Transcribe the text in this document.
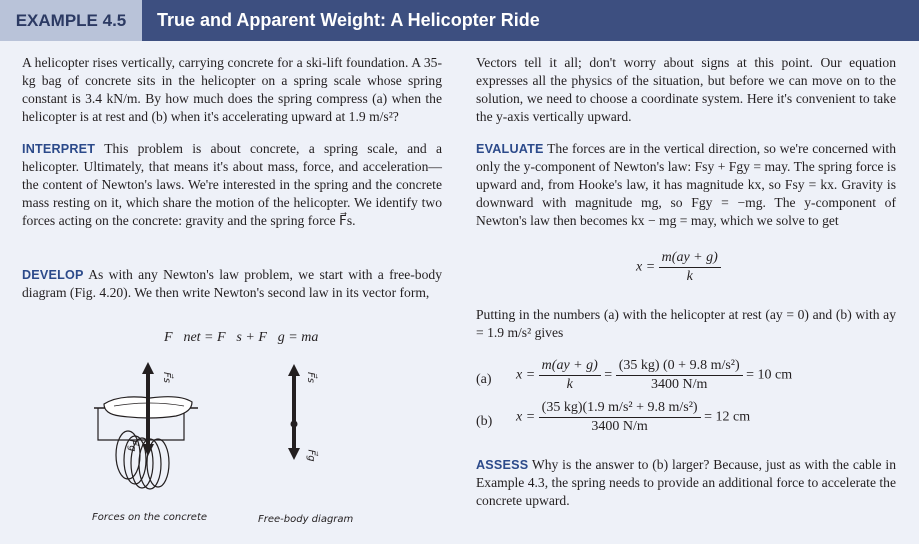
EXAMPLE 4.5	True and Apparent Weight: A Helicopter Ride

A helicopter rises vertically, carrying concrete for a ski-lift foundation. A 35-kg bag of concrete sits in the helicopter on a spring scale whose spring constant is 3.4 kN/m. By how much does the spring compress (a) when the helicopter is at rest and (b) when it's accelerating upward at 1.9 m/s²?

INTERPRET This problem is about concrete, a spring scale, and a helicopter. Ultimately, that means it's about mass, force, and acceleration—the content of Newton's laws. We're interested in the spring and the concrete mass resting on it, which share the motion of the helicopter. We identify two forces acting on the concrete: gravity and the spring force F⃗s.

DEVELOP As with any Newton's law problem, we start with a free-body diagram (Fig. 4.20). We then write Newton's second law in its vector form,

F⃗net = F⃗s + F⃗g = ma⃗
F⃗s
F⃗g
F⃗s
F⃗g
Forces on the concrete	Free-body diagram

Vectors tell it all; don't worry about signs at this point. Our equation expresses all the physics of the situation, but before we can move on to the solution, we need to choose a coordinate system. Here it's convenient to take the y-axis vertically upward.

EVALUATE The forces are in the vertical direction, so we're concerned with only the y-component of Newton's law: Fsy + Fgy = may. The spring force is upward and, from Hooke's law, it has magnitude kx, so Fsy = kx. Gravity is downward with magnitude mg, so Fgy = −mg. The y-component of Newton's law then becomes kx − mg = may, which we solve to get

$x = \frac{m(ay + g)}{k}$

Putting in the numbers (a) with the helicopter at rest (ay = 0) and (b) with ay = 1.9 m/s² gives

(a) $x = \frac{m(ay + g)}{k} = \frac{\text{(35 kg) (0 + 9.8 m/s²)}}{3400 N/m} = 10$ cm
(b) $x = \frac{\text{(35 kg)(1.9 m/s² + 9.8 m/s²)}}{3400 N/m} = 12$ cm

ASSESS Why is the answer to (b) larger? Because, just as with the cable in Example 4.3, the spring needs to provide an additional force to accelerate the concrete upward.
